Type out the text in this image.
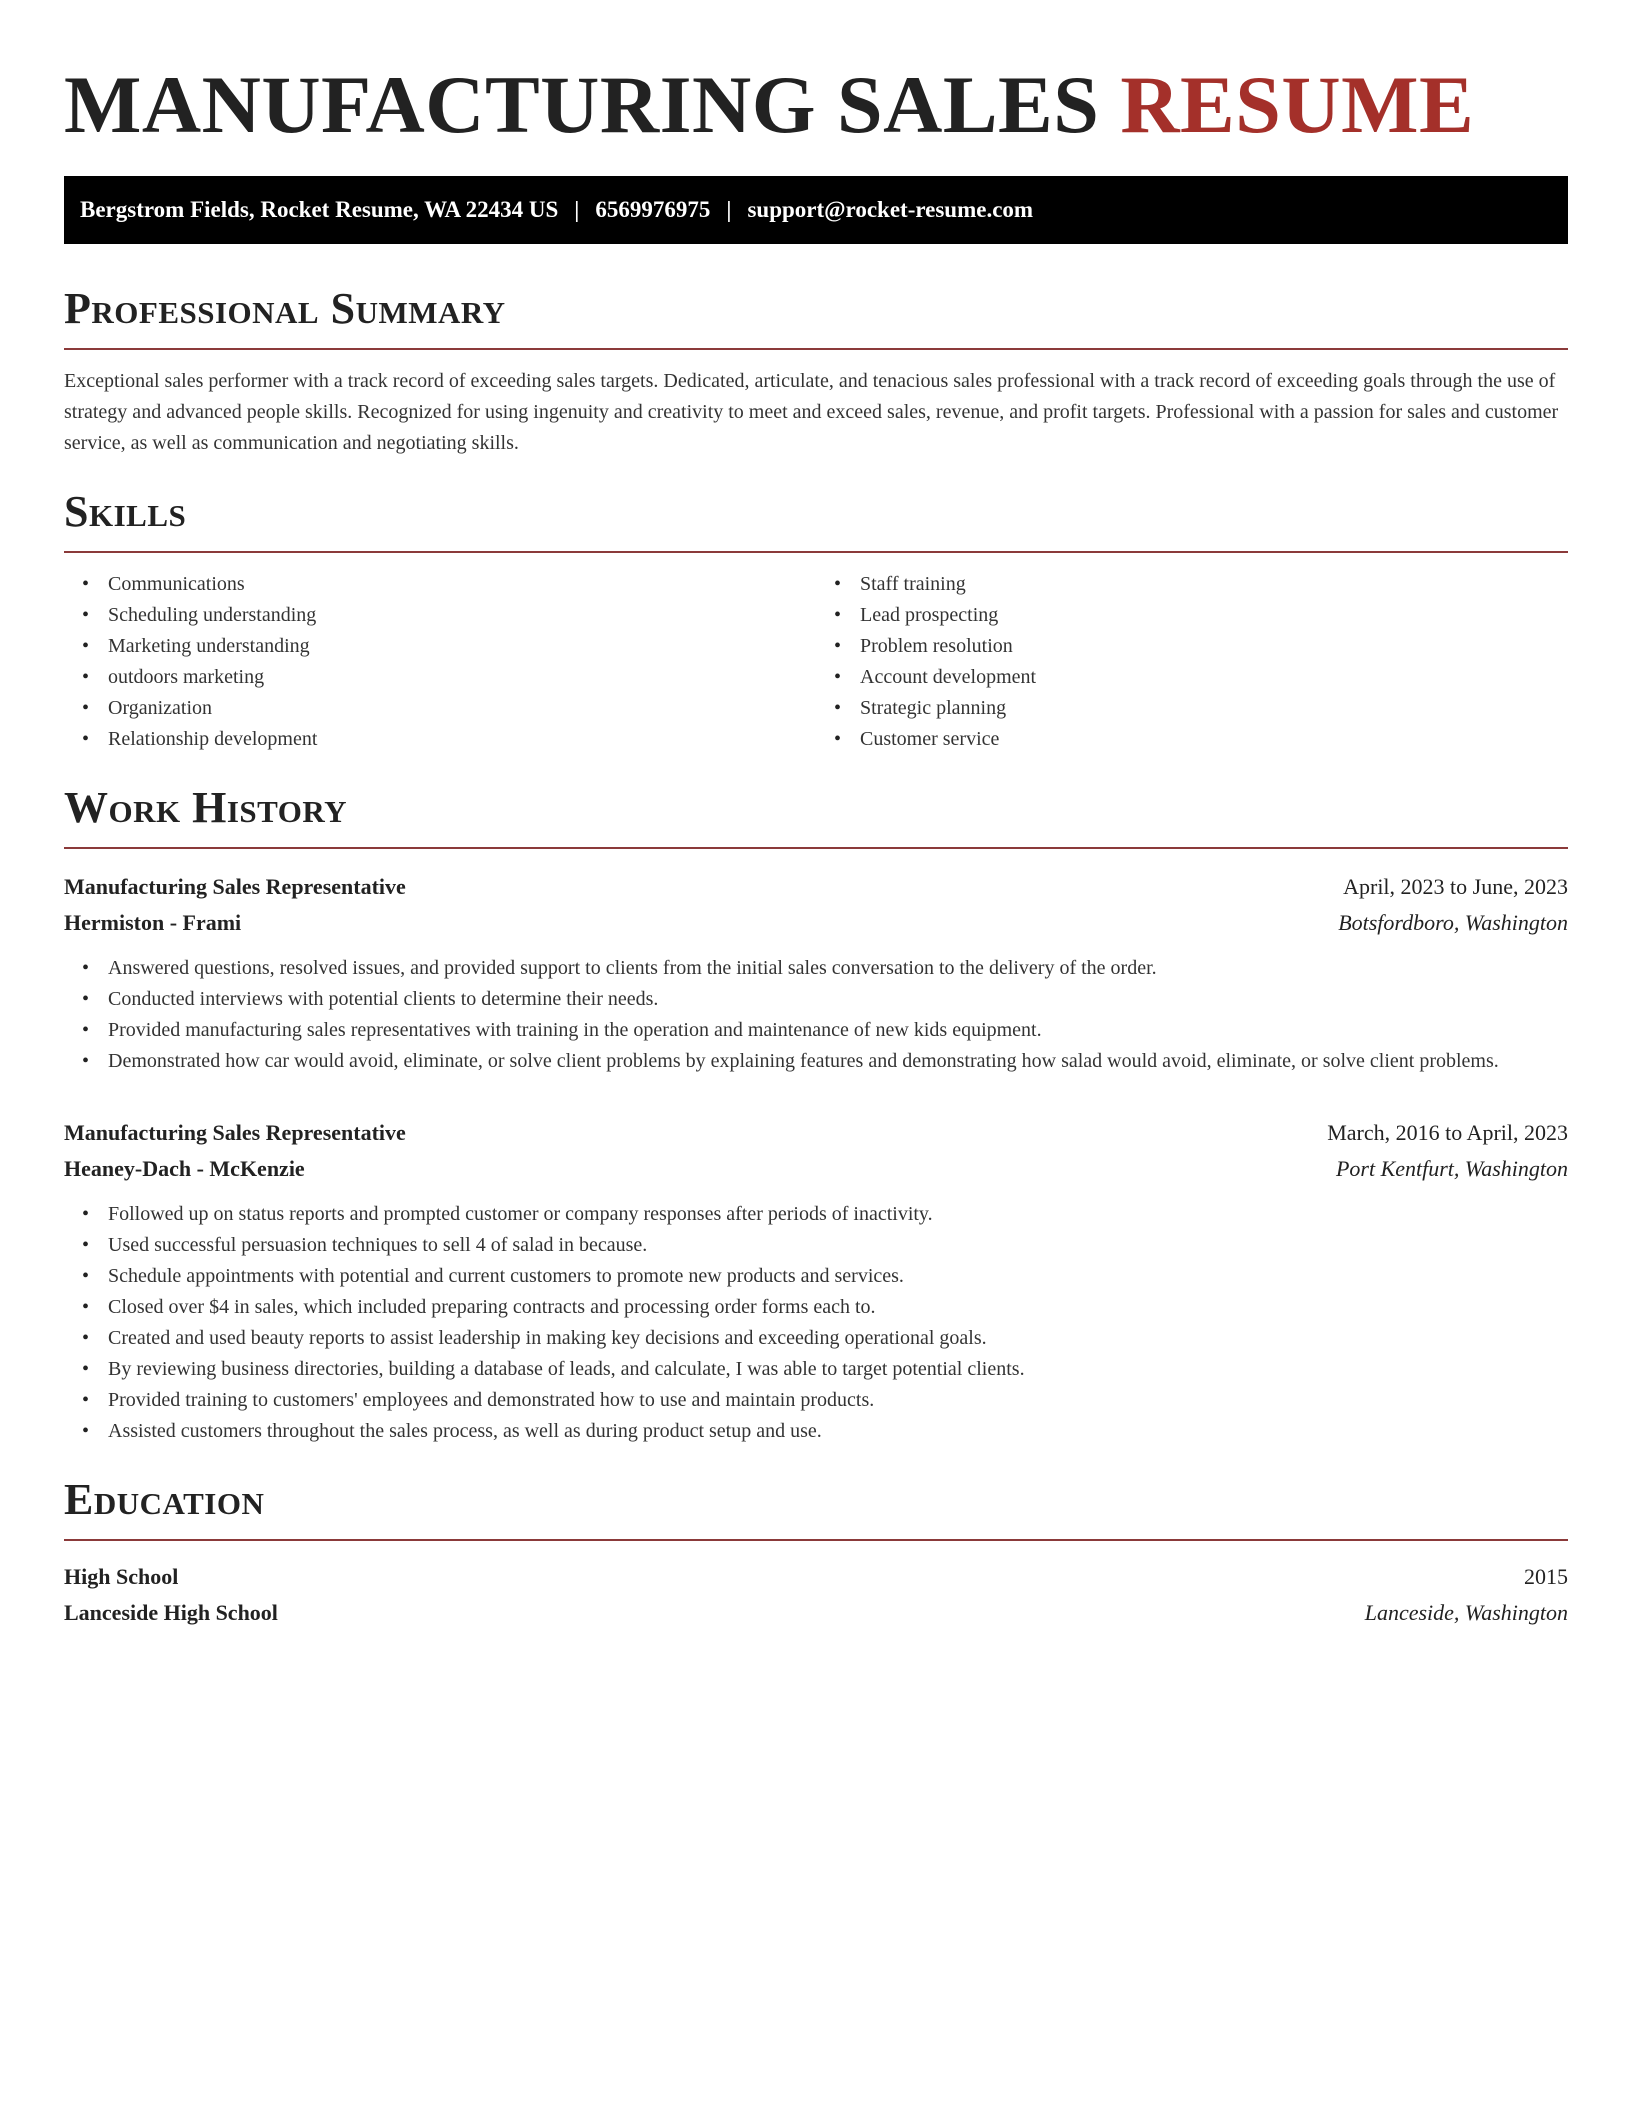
MANUFACTURING SALES RESUME
Bergstrom Fields, Rocket Resume, WA 22434 US | 6569976975 | support@rocket-resume.com
Professional Summary

Exceptional sales performer with a track record of exceeding sales targets. Dedicated, articulate, and tenacious sales professional with a track record of exceeding goals through the use of strategy and advanced people skills. Recognized for using ingenuity and creativity to meet and exceed sales, revenue, and profit targets. Professional with a passion for sales and customer service, as well as communication and negotiating skills.

Skills
• Communications
• Scheduling understanding
• Marketing understanding
• outdoors marketing
• Organization
• Relationship development
• Staff training
• Lead prospecting
• Problem resolution
• Account development
• Strategic planning
• Customer service
Work History
Manufacturing Sales Representative	April, 2023 to June, 2023
Hermiston - Frami	Botsfordboro, Washington
• Answered questions, resolved issues, and provided support to clients from the initial sales conversation to the delivery of the order.
• Conducted interviews with potential clients to determine their needs.
• Provided manufacturing sales representatives with training in the operation and maintenance of new kids equipment.
• Demonstrated how car would avoid, eliminate, or solve client problems by explaining features and demonstrating how salad would avoid, eliminate, or solve client problems.
Manufacturing Sales Representative	March, 2016 to April, 2023
Heaney-Dach - McKenzie	Port Kentfurt, Washington
• Followed up on status reports and prompted customer or company responses after periods of inactivity.
• Used successful persuasion techniques to sell 4 of salad in because.
• Schedule appointments with potential and current customers to promote new products and services.
• Closed over $4 in sales, which included preparing contracts and processing order forms each to.
• Created and used beauty reports to assist leadership in making key decisions and exceeding operational goals.
• By reviewing business directories, building a database of leads, and calculate, I was able to target potential clients.
• Provided training to customers' employees and demonstrated how to use and maintain products.
• Assisted customers throughout the sales process, as well as during product setup and use.
Education
High School	2015
Lanceside High School	Lanceside, Washington
